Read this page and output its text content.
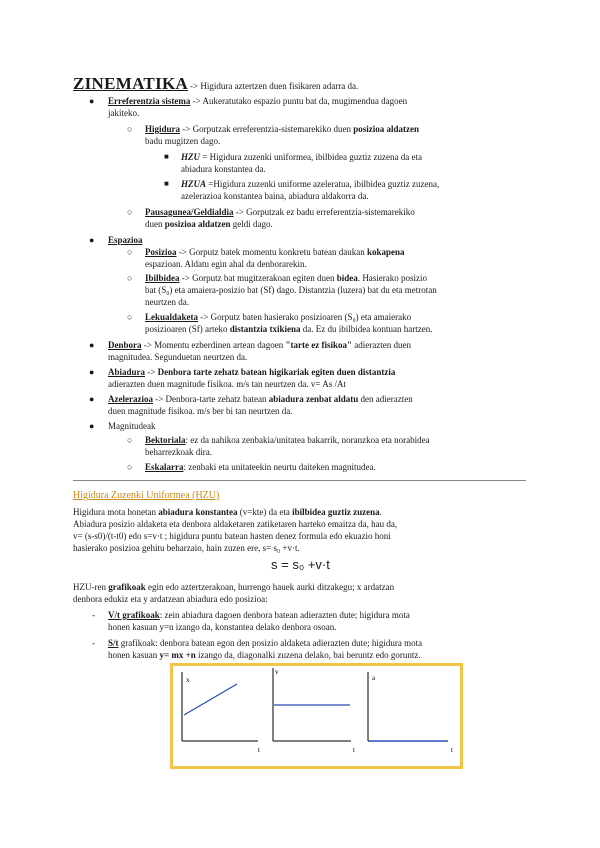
ZINEMATIKA -> Higidura aztertzen duen fisikaren adarra da.
● Erreferentzia sistema -> Aukeratutako espazio puntu bat da, mugimendua dagoen
jakiteko.
○ Higidura -> Gorputzak erreferentzia-sistemarekiko duen posizioa aldatzen
badu mugitzen dago.
■ HZU = Higidura zuzenki uniformea, ibilbidea guztiz zuzena da eta
abiadura konstantea da.
■ HZUA =Higidura zuzenki uniforme azeleratua, ibilbidea guztiz zuzena,
azelerazioa konstantea baina, abiadura aldakorra da.
○ Pausagunea/Geldialdia -> Gorputzak ez badu erreferentzia-sistemarekiko
duen posizioa aldatzen geldi dago.
● Espazioa
○ Posizioa -> Gorputz batek momentu konkretu batean daukan kokapena
espazioan. Aldatu egin ahal da denborarekin.
○ Ibilbidea -> Gorputz bat mugitzerakoan egiten duen bidea. Hasierako posizio
bat (S₀) eta amaiera-posizio bat (Sf) dago. Distantzia (luzera) bat du eta metrotan
neurtzen da.
○ Lekualdaketa -> Gorputz baten hasierako posizioaren (S₀) eta amaierako
posizioaren (Sf) arteko distantzia txikiena da. Ez du ibilbidea kontuan hartzen.
● Denbora -> Momentu ezberdinen artean dagoen "tarte ez fisikoa" adierazten duen
magnitudea. Segunduetan neurtzen da.
● Abiadura -> Denbora tarte zehatz batean higikariak egiten duen distantzia
adierazten duen magnitude fisikoa. m/s tan neurtzen da. v= As /At
● Azelerazioa -> Denbora-tarte zehatz batean abiadura zenbat aldatu den adierazten
duen magnitude fisikoa. m/s ber bi tan neurtzen da.
● Magnitudeak
○ Bektoriala: ez da nahikoa zenbakia/unitatea bakarrik, noranzkoa eta norabidea
beharrezkoak dira.
○ Eskalarra: zenbaki eta unitateekin neurtu daiteken magnitudea.
Higidura Zuzenki Uniformea (HZU)
Higidura mota honetan abiadura konstantea (v=kte) da eta ibilbidea guztiz zuzena.
Abiadura posizio aldaketa eta denbora aldaketaren zatiketaren harteko emaitza da, hau da,
v= (s-s0)/(t-t0) edo s=v·t ; higidura puntu batean hasten denez formula edo ekuazio honi
hasierako posizioa gehitu beharzaio, hain zuzen ere, s= s₀ +v·t.
s = s₀ +v·t
HZU-ren grafikoak egin edo aztertzerakoan, hurrengo hauek aurki ditzakegu; x ardatzan
denbora edukiz eta y ardatzean abiadura edo posizioa:
- V/t grafikoak: zein abiadura dagoen denbora batean adierazten dute; higidura mota
honen kasuan y=n izango da, konstantea delako denbora osoan.
- S/t grafikoak: denbora batean egon den posizio aldaketa adierazten dute; higidura mota
honen kasuan y= mx +n izango da, diagonalki zuzena delako, bai beruntz edo goruntz.
x
t
v
t
a
t
